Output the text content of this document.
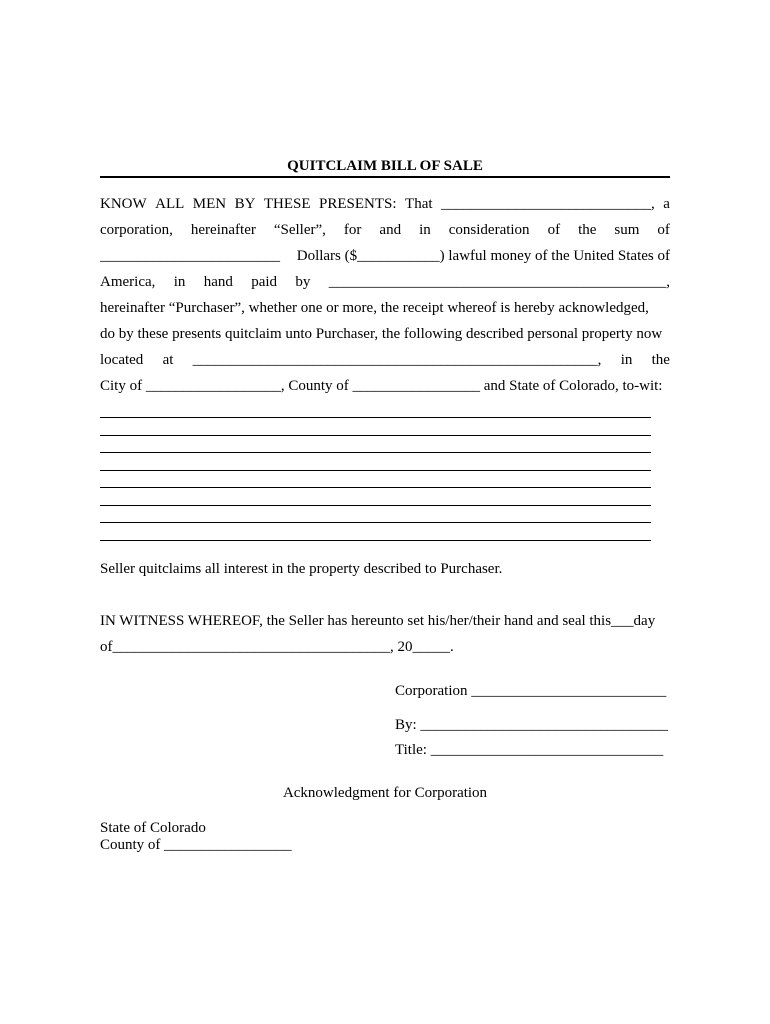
QUITCLAIM BILL OF SALE
KNOW ALL MEN BY THESE PRESENTS: That ____________________________, a
corporation, hereinafter “Seller”, for and in consideration of the sum of
________________________ Dollars ($___________) lawful money of the United States of
America, in hand paid by _____________________________________________,
hereinafter “Purchaser”, whether one or more, the receipt whereof is hereby acknowledged,
do by these presents quitclaim unto Purchaser, the following described personal property now
located at ______________________________________________________, in the
City of __________________, County of _________________ and State of Colorado, to-wit:
Seller quitclaims all interest in the property described to Purchaser.
IN WITNESS WHEREOF, the Seller has hereunto set his/her/their hand and seal this___day
of_____________________________________, 20_____.
Corporation __________________________
By: _________________________________
Title: _______________________________
Acknowledgment for Corporation
State of Colorado
County of _________________
